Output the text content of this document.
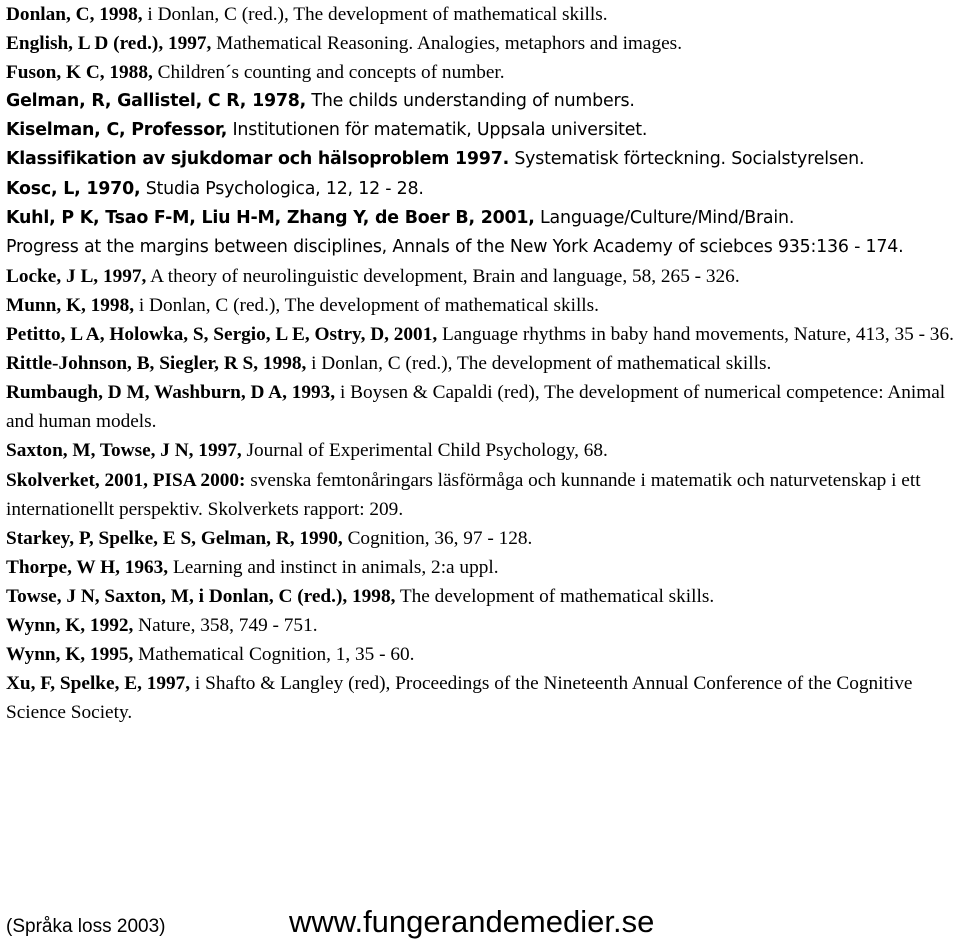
Donlan, C, 1998, i Donlan, C (red.), The development of mathematical skills.

English, L D (red.), 1997, Mathematical Reasoning. Analogies, metaphors and images.

Fuson, K C, 1988, Children´s counting and concepts of number.

Gelman, R, Gallistel, C R, 1978, The childs understanding of numbers.

Kiselman, C, Professor, Institutionen för matematik, Uppsala universitet.

Klassifikation av sjukdomar och hälsoproblem 1997. Systematisk förteckning. Socialstyrelsen.

Kosc, L, 1970, Studia Psychologica, 12, 12 - 28.

Kuhl, P K, Tsao F-M, Liu H-M, Zhang Y, de Boer B, 2001, Language/Culture/Mind/Brain.

Progress at the margins between disciplines, Annals of the New York Academy of sciebces 935:136 - 174.

Locke, J L, 1997, A theory of neurolinguistic development, Brain and language, 58, 265 - 326.

Munn, K, 1998, i Donlan, C (red.), The development of mathematical skills.

Petitto, L A, Holowka, S, Sergio, L E, Ostry, D, 2001, Language rhythms in baby hand movements, Nature, 413, 35 - 36.

Rittle-Johnson, B, Siegler, R S, 1998, i Donlan, C (red.), The development of mathematical skills.

Rumbaugh, D M, Washburn, D A, 1993, i Boysen & Capaldi (red), The development of numerical competence: Animal and human models.

Saxton, M, Towse, J N, 1997, Journal of Experimental Child Psychology, 68.

Skolverket, 2001, PISA 2000: svenska femtonåringars läsförmåga och kunnande i matematik och naturvetenskap i ett internationellt perspektiv. Skolverkets rapport: 209.

Starkey, P, Spelke, E S, Gelman, R, 1990, Cognition, 36, 97 - 128.

Thorpe, W H, 1963, Learning and instinct in animals, 2:a uppl.

Towse, J N, Saxton, M, i Donlan, C (red.), 1998, The development of mathematical skills.

Wynn, K, 1992, Nature, 358, 749 - 751.

Wynn, K, 1995, Mathematical Cognition, 1, 35 - 60.

Xu, F, Spelke, E, 1997, i Shafto & Langley (red), Proceedings of the Nineteenth Annual Conference of the Cognitive Science Society.

(Språka loss 2003)	www.fungerandemedier.se
